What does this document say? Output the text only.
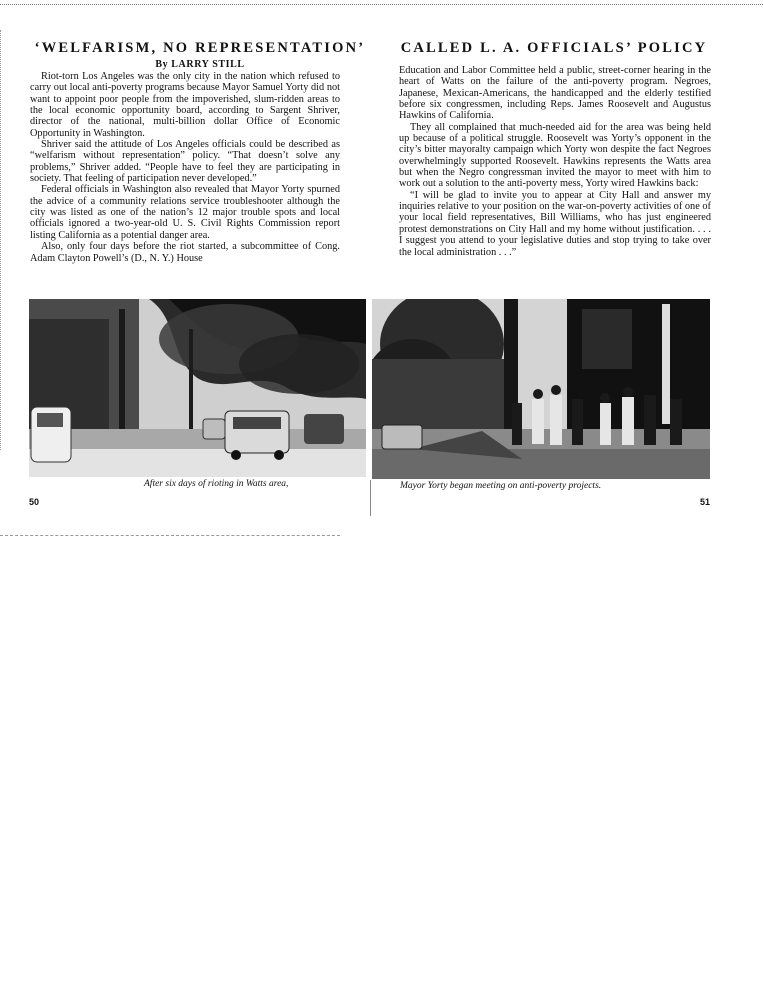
‘WELFARISM, NO REPRESENTATION’

By LARRY STILL

Riot-torn Los Angeles was the only city in the nation which refused to carry out local anti-poverty programs because Mayor Samuel Yorty did not want to appoint poor people from the impoverished, slum-ridden areas to the local economic opportunity board, according to Sargent Shriver, director of the national, multi-billion dollar Office of Economic Opportunity in Washington.

Shriver said the attitude of Los Angeles officials could be described as “welfarism without representation” policy. “That doesn’t solve any problems,” Shriver added. “People have to feel they are participating in society. That feeling of participation never developed.”

Federal officials in Washington also revealed that Mayor Yorty spurned the advice of a community relations service troubleshooter although the city was listed as one of the nation’s 12 major trouble spots and local officials ignored a two-year-old U. S. Civil Rights Commission report listing California as a potential danger area.

Also, only four days before the riot started, a subcommittee of Cong. Adam Clayton Powell’s (D., N. Y.) House

CALLED L. A. OFFICIALS’ POLICY

Education and Labor Committee held a public, street-corner hearing in the heart of Watts on the failure of the anti-poverty program. Negroes, Japanese, Mexican-Americans, the handicapped and the elderly testified before six congressmen, including Reps. James Roosevelt and Augustus Hawkins of California.

They all complained that much-needed aid for the area was being held up because of a political struggle. Roosevelt was Yorty’s opponent in the city’s bitter mayoralty campaign which Yorty won despite the fact Negroes overwhelmingly supported Roosevelt. Hawkins represents the Watts area but when the Negro congressman invited the mayor to meet with him to work out a solution to the anti-poverty mess, Yorty wired Hawkins back:

“I will be glad to invite you to appear at City Hall and answer my inquiries relative to your position on the war-on-poverty activities of one of your local field representatives, Bill Williams, who has just engineered protest demonstrations on City Hall and my home without justification. . . . I suggest you attend to your legislative duties and stop trying to take over the local administration . . .”

After six days of rioting in Watts area,	Mayor Yorty began meeting on anti-poverty projects.

50	51
